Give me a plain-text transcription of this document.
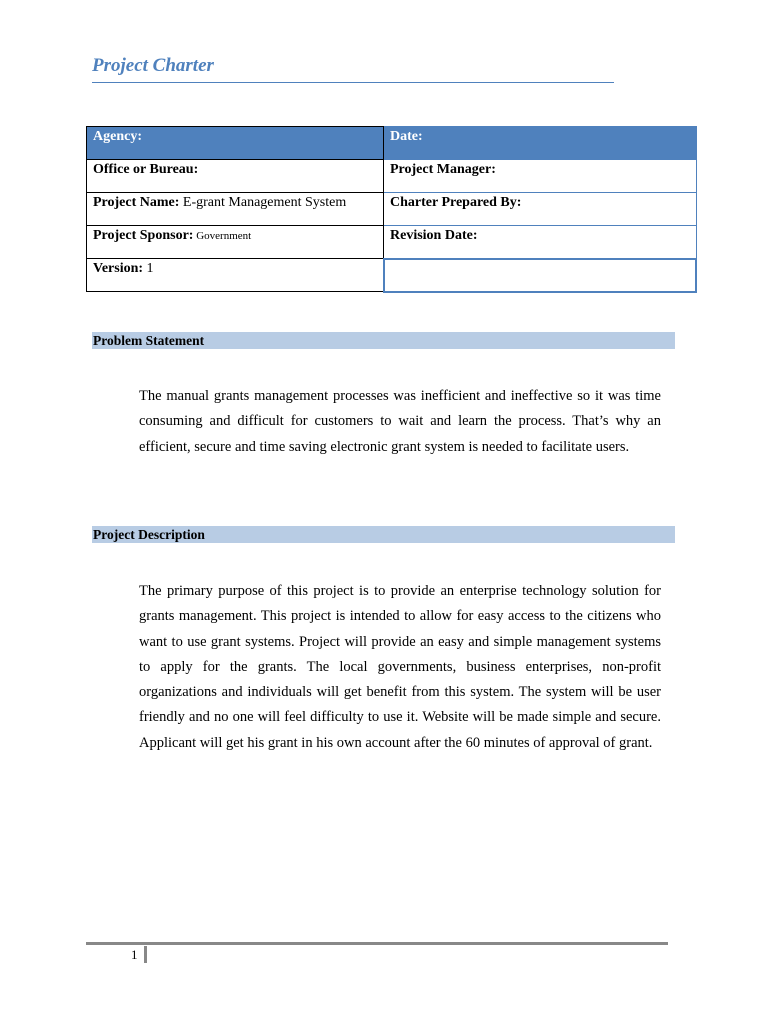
Project Charter
Agency:	Date:
Office or Bureau:	Project Manager:
Project Name: E-grant Management System	Charter Prepared By:
Project Sponsor: Government	Revision Date:
Version: 1	
Problem Statement
The manual grants management processes was inefficient and ineffective so it was time consuming and difficult for customers to wait and learn the process. That’s why an efficient, secure and time saving electronic grant system is needed to facilitate users.
Project Description
The primary purpose of this project is to provide an enterprise technology solution for grants management. This project is intended to allow for easy access to the citizens who want to use grant systems. Project will provide an easy and simple management systems to apply for the grants. The local governments, business enterprises, non-profit organizations and individuals will get benefit from this system. The system will be user friendly and no one will feel difficulty to use it. Website will be made simple and secure. Applicant will get his grant in his own account after the 60 minutes of approval of grant.
1
